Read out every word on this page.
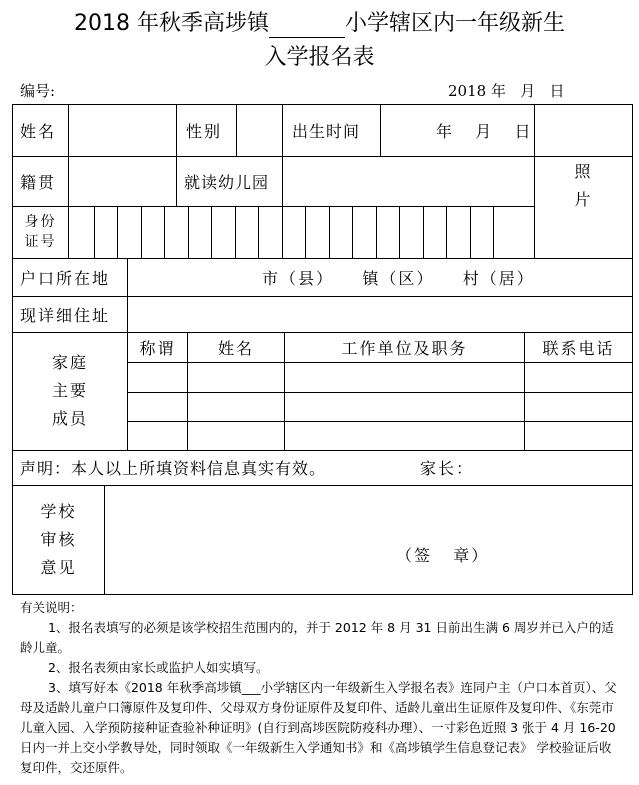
2018 年秋季高埗镇	小学辖区内一年级新生
入学报名表
编号:	2018 年   月   日
姓名	性别	出生时间	年   月   日
照
片
籍贯	就读幼儿园
身份
证号
户口所在地	市（县）    镇（区）    村（居）
现详细住址
家庭
主要
成员
称谓	姓名	工作单位及职务	联系电话
声明：本人以上所填资料信息真实有效。	家长：
学校
审核
意见
（签   章）

有关说明：

1、报名表填写的必须是该学校招生范围内的，并于 2012 年 8 月 31 日前出生满 6 周岁并已入户的适龄儿童。

2、报名表须由家长或监护人如实填写。

3、填写好本《2018 年秋季高埗镇___小学辖区内一年级新生入学报名表》连同户主（户口本首页）、父母及适龄儿童户口簿原件及复印件、父母双方身份证原件及复印件、适龄儿童出生证原件及复印件、《东莞市儿童入园、入学预防接种证查验补种证明》(自行到高埗医院防疫科办理）、一寸彩色近照 3 张于 4 月 16-20 日内一并上交小学教导处，同时领取《一年级新生入学通知书》和《高埗镇学生信息登记表》 学校验证后收复印件，交还原件。
